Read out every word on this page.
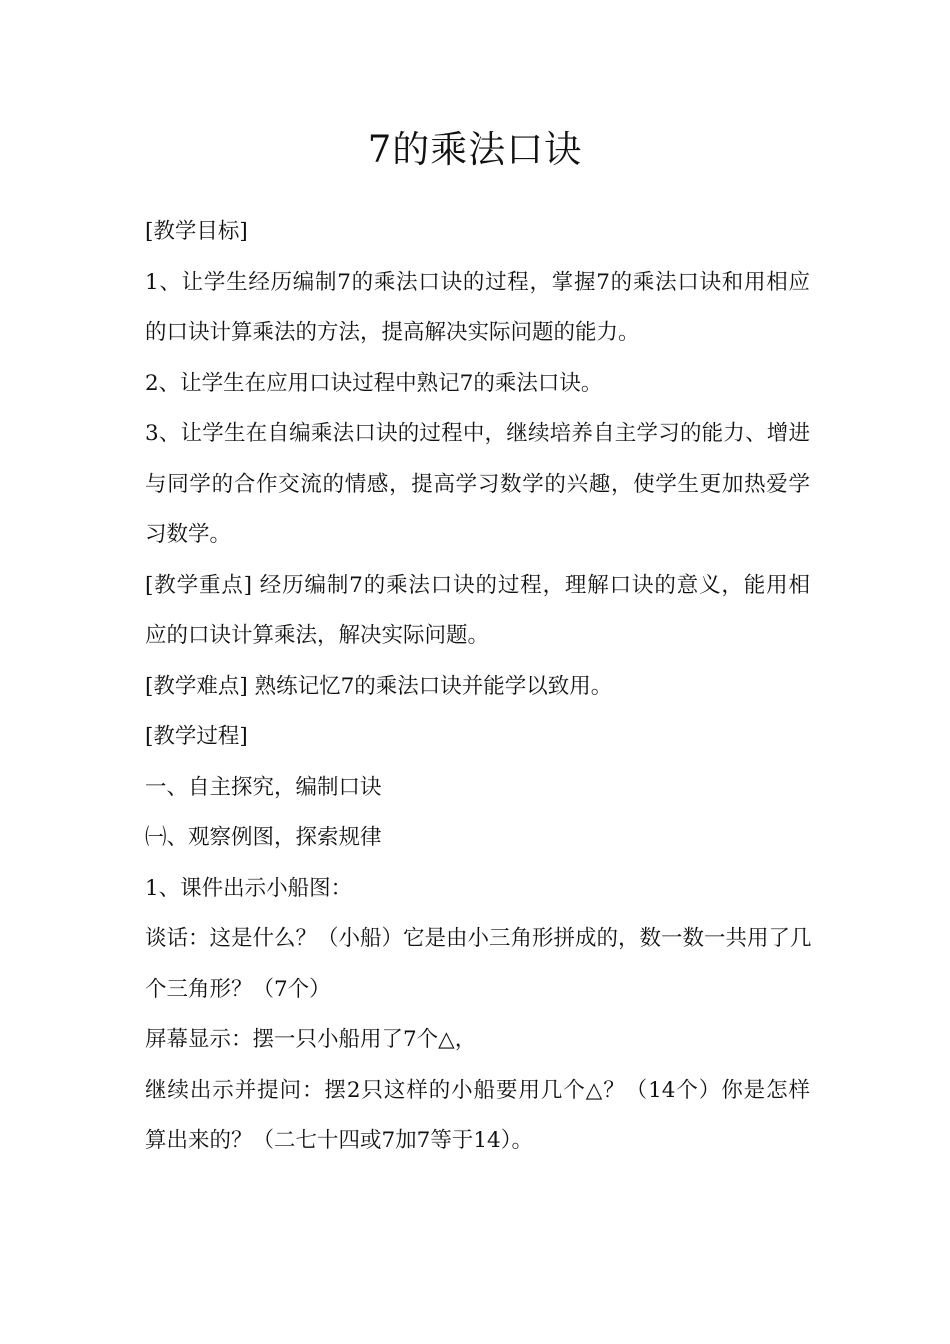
7的乘法口诀
[教学目标]
1、让学生经历编制7的乘法口诀的过程，掌握7的乘法口诀和用相应
的口诀计算乘法的方法，提高解决实际问题的能力。
2、让学生在应用口诀过程中熟记7的乘法口诀。
3、让学生在自编乘法口诀的过程中，继续培养自主学习的能力、增进
与同学的合作交流的情感，提高学习数学的兴趣，使学生更加热爱学
习数学。
[教学重点] 经历编制7的乘法口诀的过程，理解口诀的意义，能用相
应的口诀计算乘法，解决实际问题。
[教学难点] 熟练记忆7的乘法口诀并能学以致用。
[教学过程]
一、自主探究，编制口诀
㈠、观察例图，探索规律
1、课件出示小船图：
谈话：这是什么？（小船）它是由小三角形拼成的，数一数一共用了几
个三角形？（7个）
屏幕显示：摆一只小船用了7个△，
继续出示并提问：摆2只这样的小船要用几个△？（14个）你是怎样
算出来的？（二七十四或7加7等于14）。
